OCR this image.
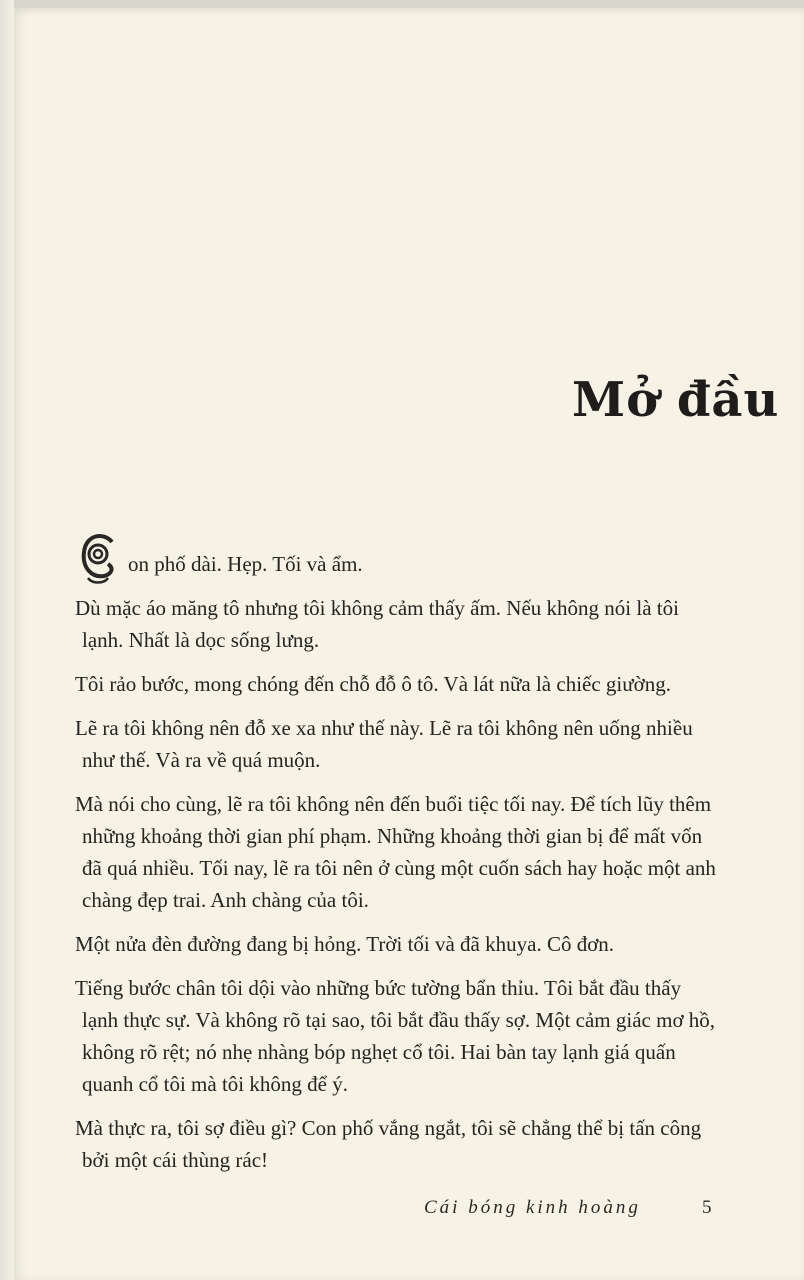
Mở đầu

on phố dài. Hẹp. Tối và ẩm.

Dù mặc áo măng tô nhưng tôi không cảm thấy ấm. Nếu không nói là tôi lạnh. Nhất là dọc sống lưng.

Tôi rảo bước, mong chóng đến chỗ đỗ ô tô. Và lát nữa là chiếc giường.

Lẽ ra tôi không nên đỗ xe xa như thế này. Lẽ ra tôi không nên uống nhiều như thế. Và ra về quá muộn.

Mà nói cho cùng, lẽ ra tôi không nên đến buổi tiệc tối nay. Để tích lũy thêm những khoảng thời gian phí phạm. Những khoảng thời gian bị để mất vốn đã quá nhiều. Tối nay, lẽ ra tôi nên ở cùng một cuốn sách hay hoặc một anh chàng đẹp trai. Anh chàng của tôi.

Một nửa đèn đường đang bị hỏng. Trời tối và đã khuya. Cô đơn.

Tiếng bước chân tôi dội vào những bức tường bẩn thỉu. Tôi bắt đầu thấy lạnh thực sự. Và không rõ tại sao, tôi bắt đầu thấy sợ. Một cảm giác mơ hồ, không rõ rệt; nó nhẹ nhàng bóp nghẹt cổ tôi. Hai bàn tay lạnh giá quấn quanh cổ tôi mà tôi không để ý.

Mà thực ra, tôi sợ điều gì? Con phố vắng ngắt, tôi sẽ chẳng thể bị tấn công bởi một cái thùng rác!

Cái bóng kinh hoàng	5
